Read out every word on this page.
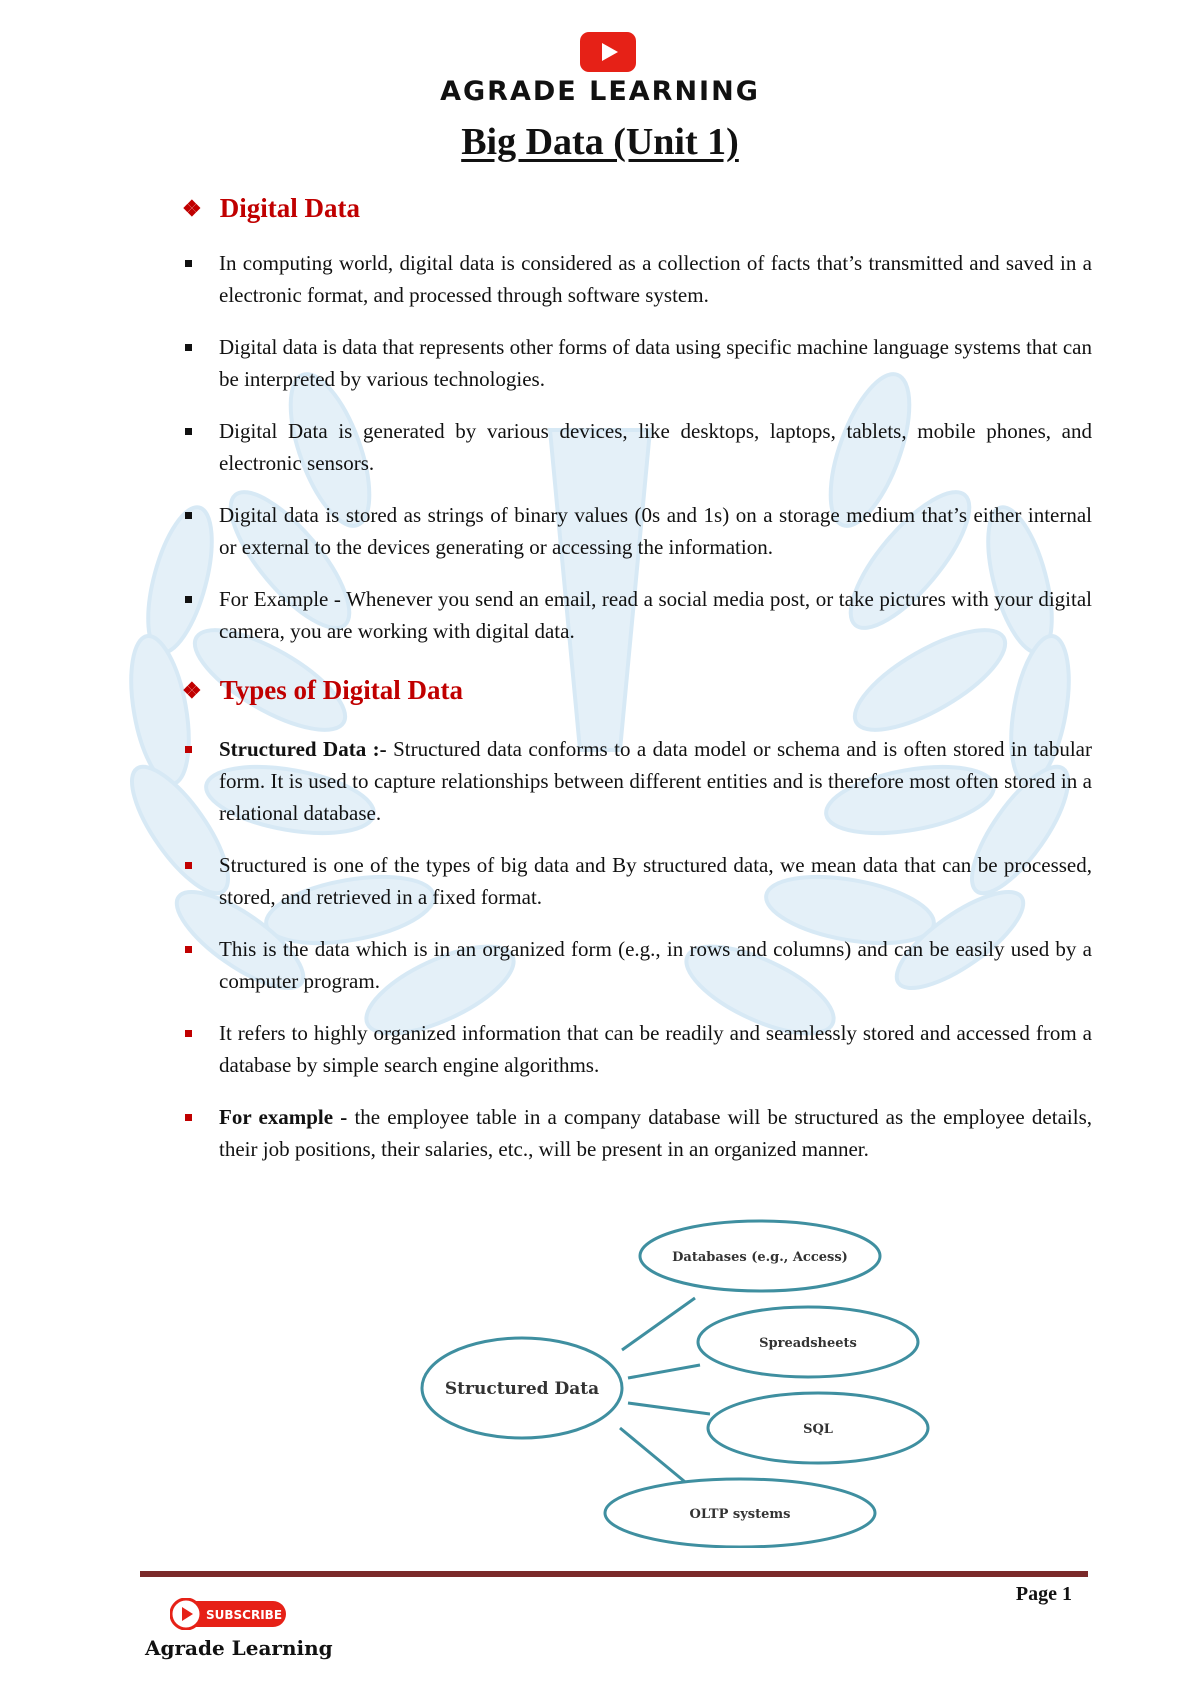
AGRADE LEARNING
Big Data (Unit 1)
❖ Digital Data
In computing world, digital data is considered as a collection of facts that’s transmitted and saved in a electronic format, and processed through software system.
Digital data is data that represents other forms of data using specific machine language systems that can be interpreted by various technologies.
Digital Data is generated by various devices, like desktops, laptops, tablets, mobile phones, and electronic sensors.
Digital data is stored as strings of binary values (0s and 1s) on a storage medium that’s either internal or external to the devices generating or accessing the information.
For Example - Whenever you send an email, read a social media post, or take pictures with your digital camera, you are working with digital data.
❖ Types of Digital Data
Structured Data :- Structured data conforms to a data model or schema and is often stored in tabular form. It is used to capture relationships between different entities and is therefore most often stored in a relational database.
Structured is one of the types of big data and By structured data, we mean data that can be processed, stored, and retrieved in a fixed format.
This is the data which is in an organized form (e.g., in rows and columns) and can be easily used by a computer program.
It refers to highly organized information that can be readily and seamlessly stored and accessed from a database by simple search engine algorithms.
For example - the employee table in a company database will be structured as the employee details, their job positions, their salaries, etc., will be present in an organized manner.
Structured Data
Databases (e.g., Access)
Spreadsheets
SQL
OLTP systems
Page 1
SUBSCRIBE
Agrade Learning
